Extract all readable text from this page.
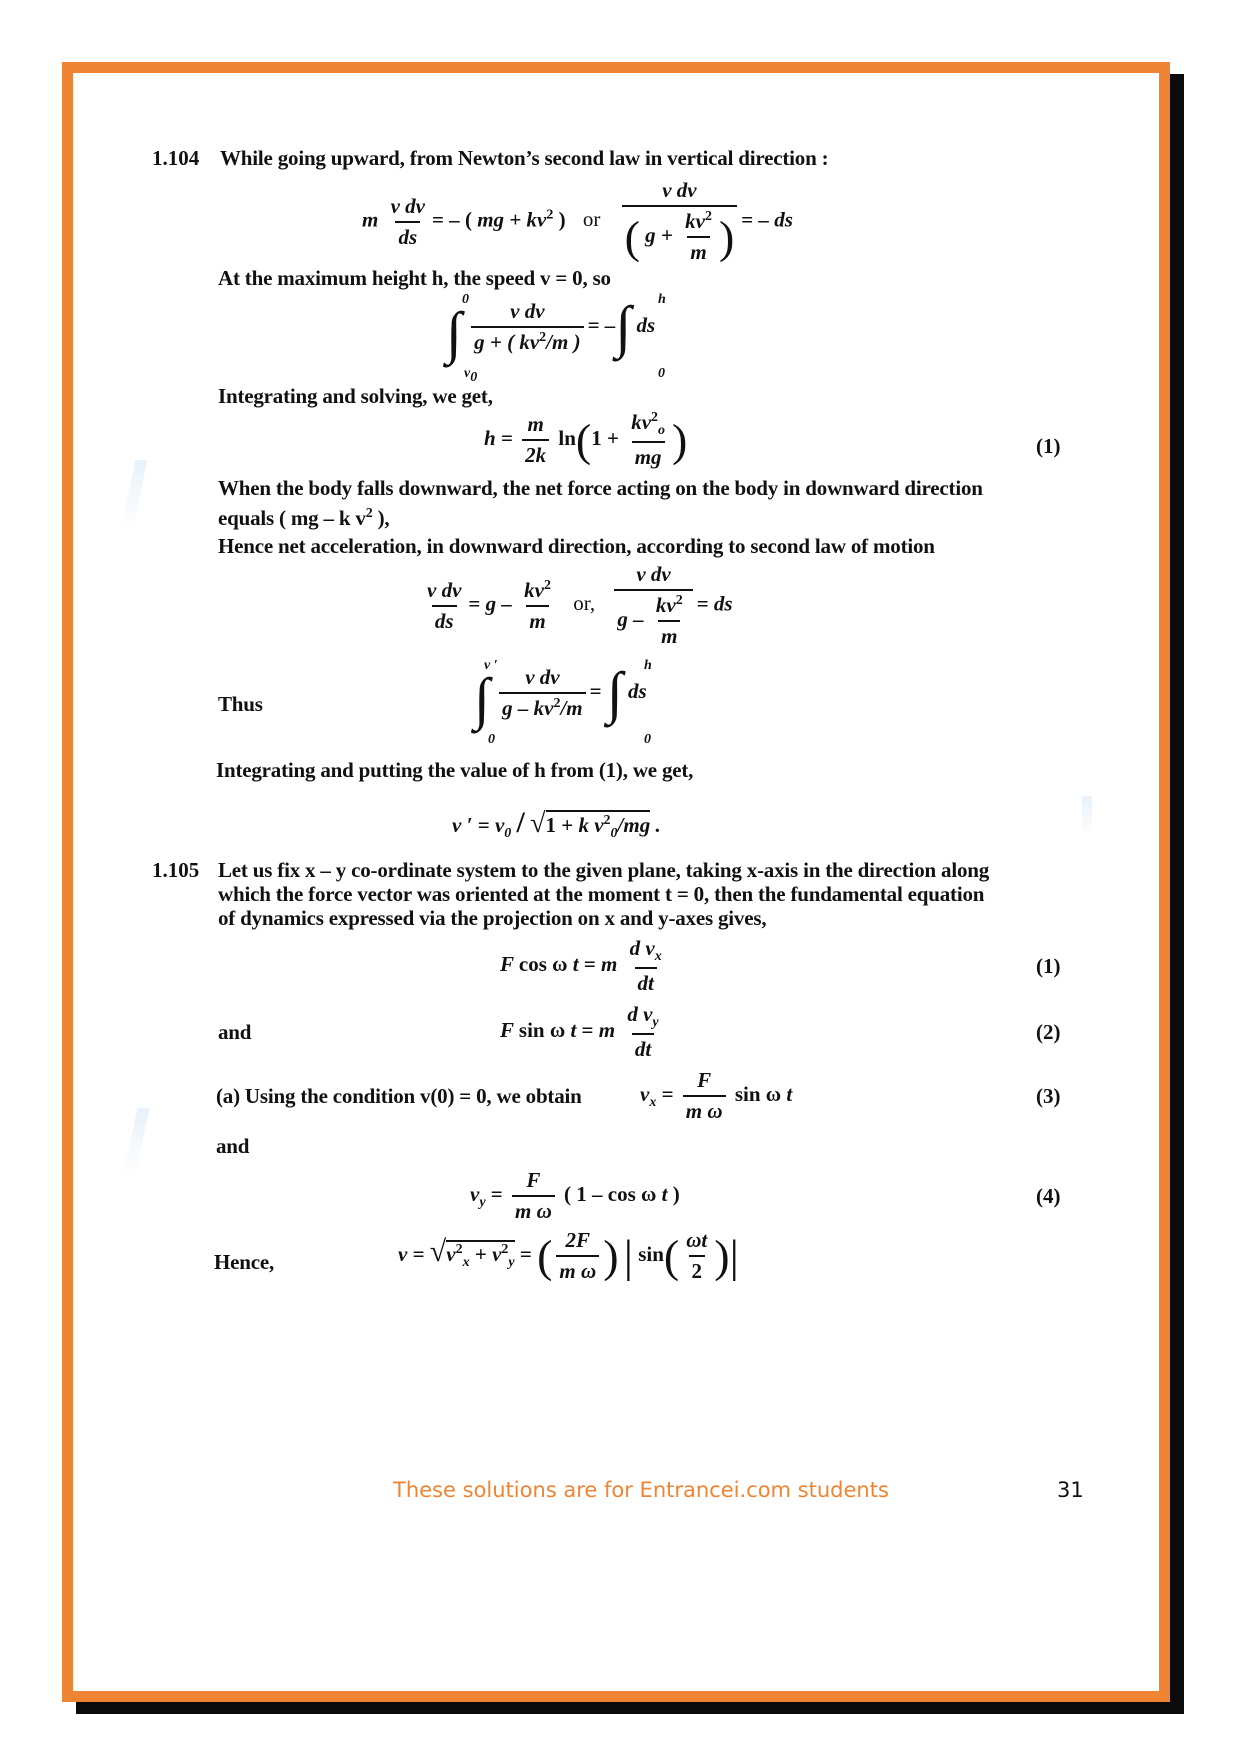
1.104 While going upward, from Newton’s second law in vertical direction :
m $\frac{\text{v dv}}{ds}$ = – ( mg + $kv^2$ ) or $\frac{\text{v dv}}{( g + \frac{kv^2}{m} )}$ = – ds
At the maximum height h, the speed v = 0, so
0
v0
∫ $\frac{\text{v dv}}{g + ( kv^2/m )}$ = –∫ ds
h
0
Integrating and solving, we get,
$h = \frac{m}{2k} \ln(1 + \frac{kv^2_o}{mg}$ )	(1)
When the body falls downward, the net force acting on the body in downward direction
equals ( mg – k $v^2$ ),
Hence net acceleration, in downward direction, according to second law of motion
$\frac{\text{v dv}}{ds} = g - \frac{kv^2}{m}$ or, $\frac{\text{v dv}}{g - \frac{kv^2}{m}}$ = ds
Thus
v ′
0
∫ $\frac{\text{v dv}}{g - kv^2/m}$ = ∫ ds
h
0
Integrating and putting the value of h from (1), we get,
v ′ = $v_0 / √1 + k$ $v^2_0/mg$ .
1.105 Let us fix x – y co-ordinate system to the given plane, taking x-axis in the direction along
which the force vector was oriented at the moment t = 0, then the fundamental equation
of dynamics expressed via the projection on x and y-axes gives,
F cos ω t = m $\frac{d v_x}{dt}$	(1)
and	F sin ω t = m $\frac{d v_y}{dt}$	(2)
(a) Using the condition v(0) = 0, we obtain	$v_x = \frac{F}{\text{m ω}}$ sin ω t	(3)
and
$v_y = \frac{F}{\text{m ω}}$ ( 1 – cos ω t )	(4)
Hence,	$v = √v^2_x + v^2_y$ = ( $\frac{2F}{\text{m ω}}$ ) | $\sin( \frac{\omega t}{2}$ )|
These solutions are for Entrancei.com students	31
